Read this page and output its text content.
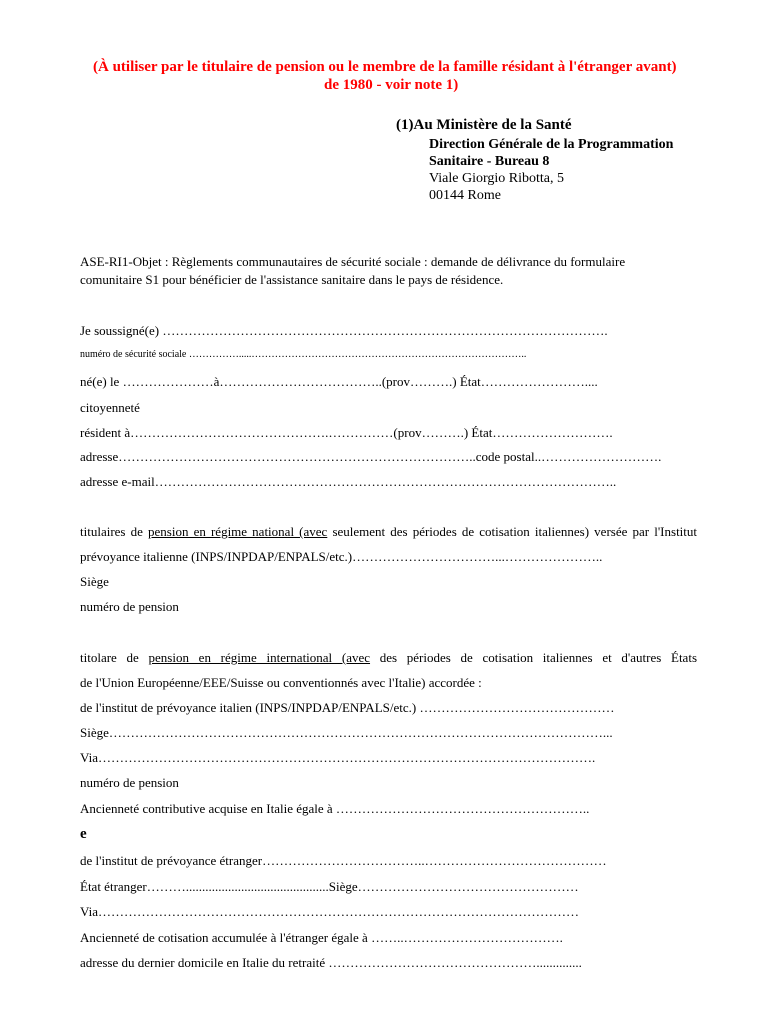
(À utiliser par le titulaire de pension ou le membre de la famille résidant à l'étranger avant)
de 1980 - voir note 1)
(1)Au Ministère de la Santé
Direction Générale de la Programmation
Sanitaire - Bureau 8
Viale Giorgio Ribotta, 5
00144 Rome
ASE-RI1-Objet : Règlements communautaires de sécurité sociale : demande de délivrance du formulaire
comunitaire S1 pour bénéficier de l'assistance sanitaire dans le pays de résidence.
Je soussigné(e) ………………………………………………………………………………………….
numéro de sécurité sociale …………….....………………………………………………………………………..
né(e) le …………………à………………………………..(prov……….) État……………………....
citoyenneté
résident à……………………………………….……………(prov……….) État……………………….
adresse………………………………………………………………………..code postal..……………………….
adresse e-mail……………………………………………………………………………………………..
titulaires de pension en régime national (avec seulement des périodes de cotisation italiennes) versée par l'Institut
prévoyance italienne (INPS/INPDAP/ENPALS/etc.)……………………………...…………………..
Siège
numéro de pension
titolare de pension en régime international (avec des périodes de cotisation italiennes et d'autres États
de l'Union Européenne/EEE/Suisse ou conventionnés avec l'Italie) accordée :
de l'institut de prévoyance italien (INPS/INPDAP/ENPALS/etc.) ………………………………………
Siège……………………………………………………………………………………………………...
Via…………………………………………………………………………………………………….
numéro de pension
Ancienneté contributive acquise en Italie égale à …………………………………………………..
e
de l'institut de prévoyance étranger………………………………..……………………………………
État étranger………............................................Siège……………………………………………
Via…………………………………………………………………………………………………
Ancienneté de cotisation accumulée à l'étranger égale à ……..……………………………….
adresse du dernier domicile en Italie du retraité …………………………………………..............
